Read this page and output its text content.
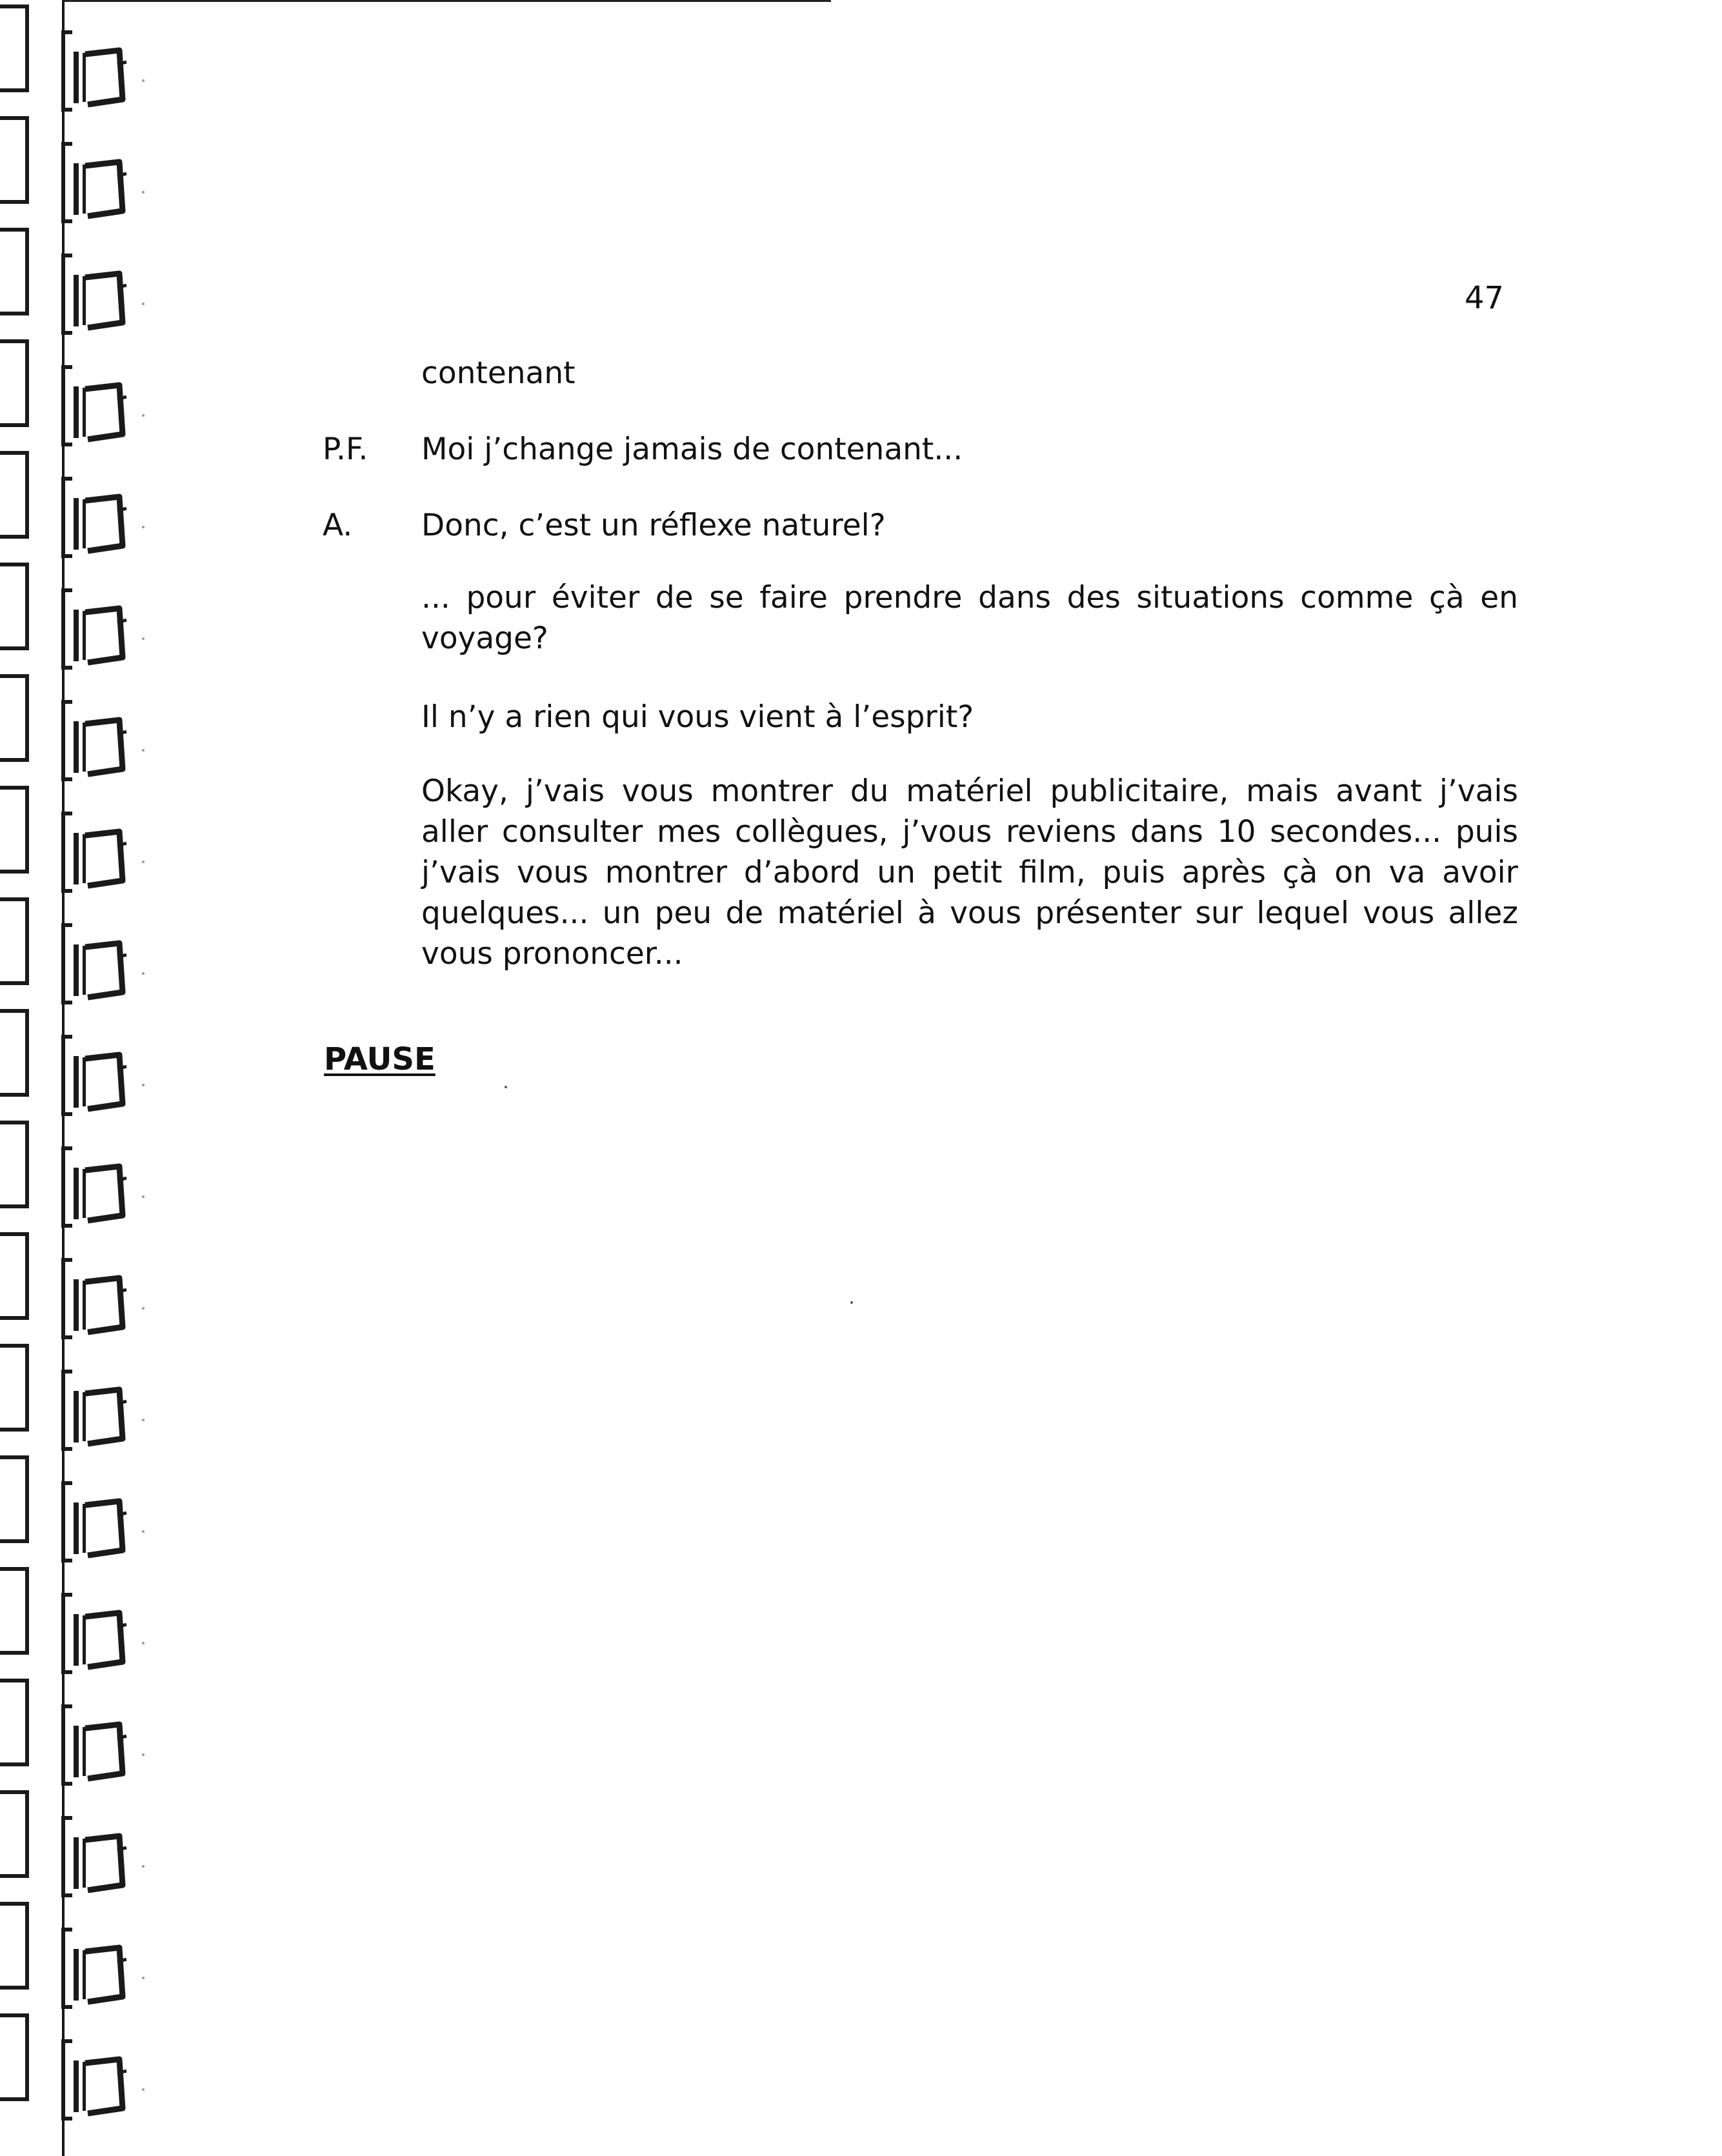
47
contenant
P.F. Moi j’change jamais de contenant...
A. Donc, c’est un réflexe naturel?
... pour éviter de se faire prendre dans des situations comme çà en voyage?
Il n’y a rien qui vous vient à l’esprit?
Okay, j’vais vous montrer du matériel publicitaire, mais avant j’vais aller consulter mes collègues, j’vous reviens dans 10 secondes... puis j’vais vous montrer d’abord un petit film, puis après çà on va avoir quelques... un peu de matériel à vous présenter sur lequel vous allez vous prononcer...
PAUSE
